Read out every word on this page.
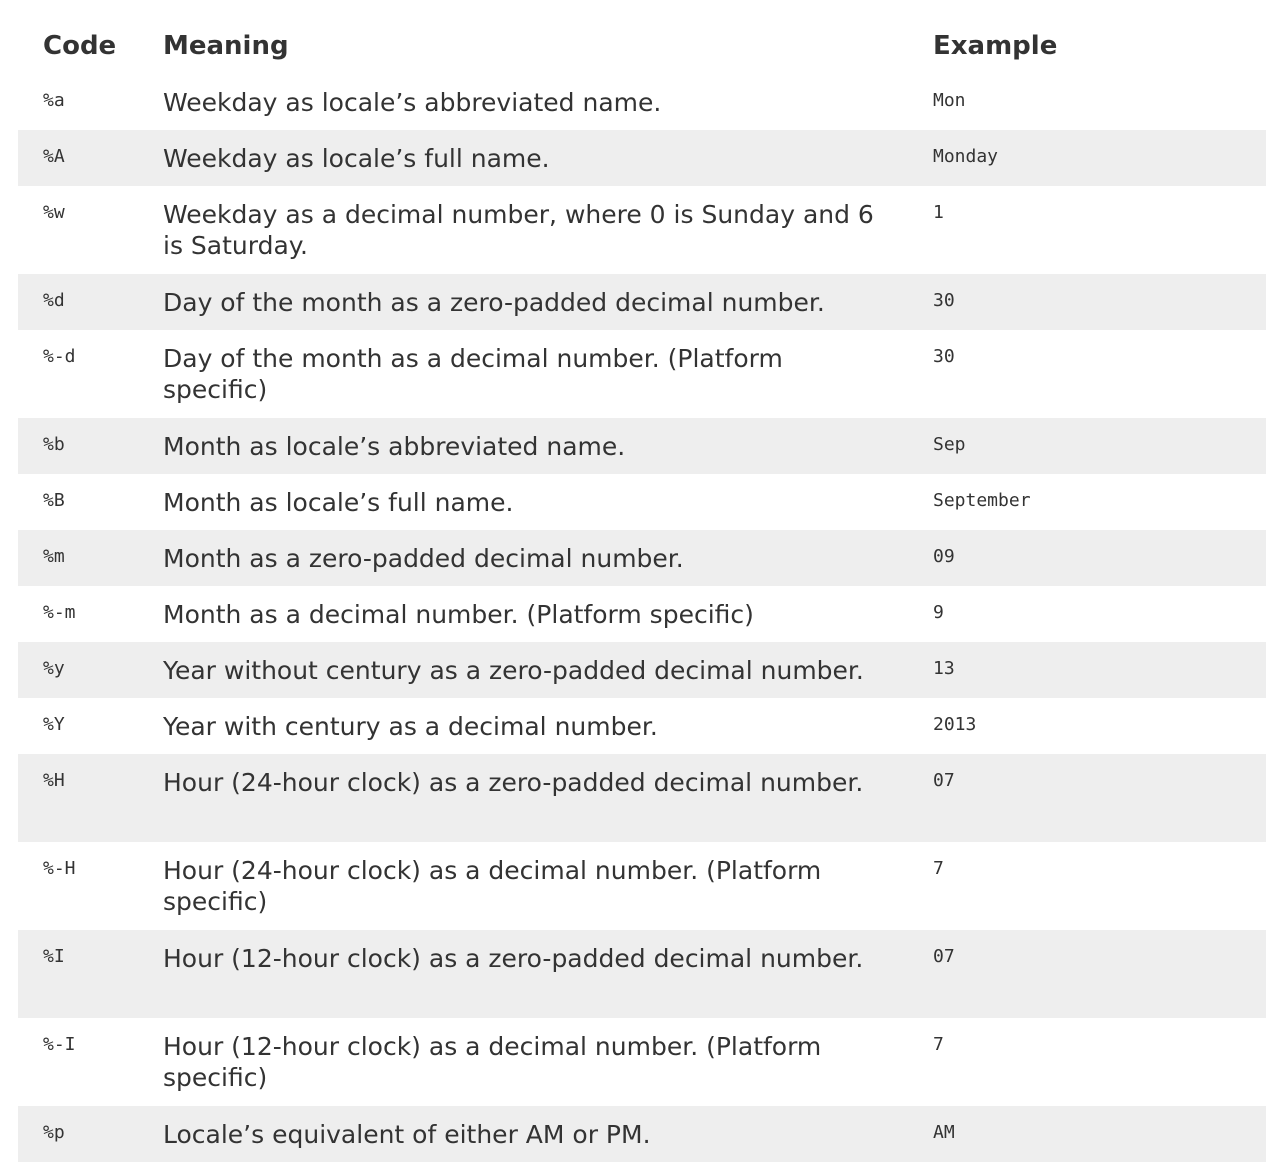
Code	Meaning	Example
%a	Weekday as locale’s abbreviated name.	Mon
%A	Weekday as locale’s full name.	Monday
%w	Weekday as a decimal number, where 0 is Sunday and 6 is Saturday.	1
%d	Day of the month as a zero-padded decimal number.	30
%-d	Day of the month as a decimal number. (Platform specific)	30
%b	Month as locale’s abbreviated name.	Sep
%B	Month as locale’s full name.	September
%m	Month as a zero-padded decimal number.	09
%-m	Month as a decimal number. (Platform specific)	9
%y	Year without century as a zero-padded decimal number.	13
%Y	Year with century as a decimal number.	2013
%H	Hour (24-hour clock) as a zero-padded decimal number.	07
%-H	Hour (24-hour clock) as a decimal number. (Platform specific)	7
%I	Hour (12-hour clock) as a zero-padded decimal number.	07
%-I	Hour (12-hour clock) as a decimal number. (Platform specific)	7
%p	Locale’s equivalent of either AM or PM.	AM
